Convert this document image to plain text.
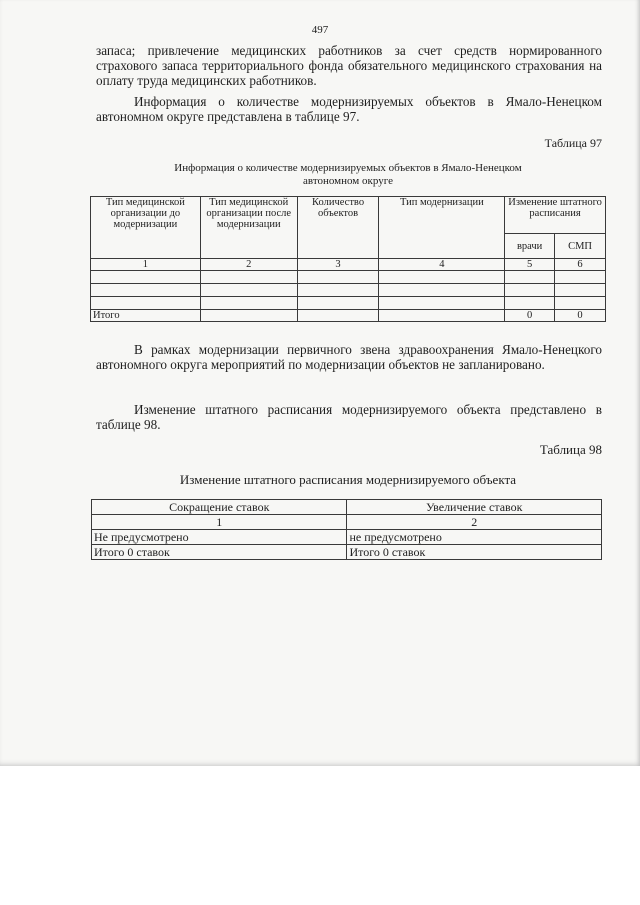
497

запаса; привлечение медицинских работников за счет средств нормированного страхового запаса территориального фонда обязательного медицинского страхования на оплату труда медицинских работников.

Информация о количестве модернизируемых объектов в Ямало-Ненецком автономном округе представлена в таблице 97.

Таблица 97

Информация о количестве модернизируемых объектов в Ямало-Ненецком
автономном округе

Тип медицинской организации до модернизации	Тип медицинской организации после модернизации	Количество объектов	Тип модернизации	Изменение штатного расписания	
				врачи	СМП
1	2	3	4	5	6

Итого				0	0

В рамках модернизации первичного звена здравоохранения Ямало-Ненецкого автономного округа мероприятий по модернизации объектов не запланировано.

Изменение штатного расписания модернизируемого объекта представлено в таблице 98.

Таблица 98
Изменение штатного расписания модернизируемого объекта
Сокращение ставок	Увеличение ставок
1	2
Не предусмотрено	не предусмотрено
Итого 0 ставок	Итого 0 ставок
